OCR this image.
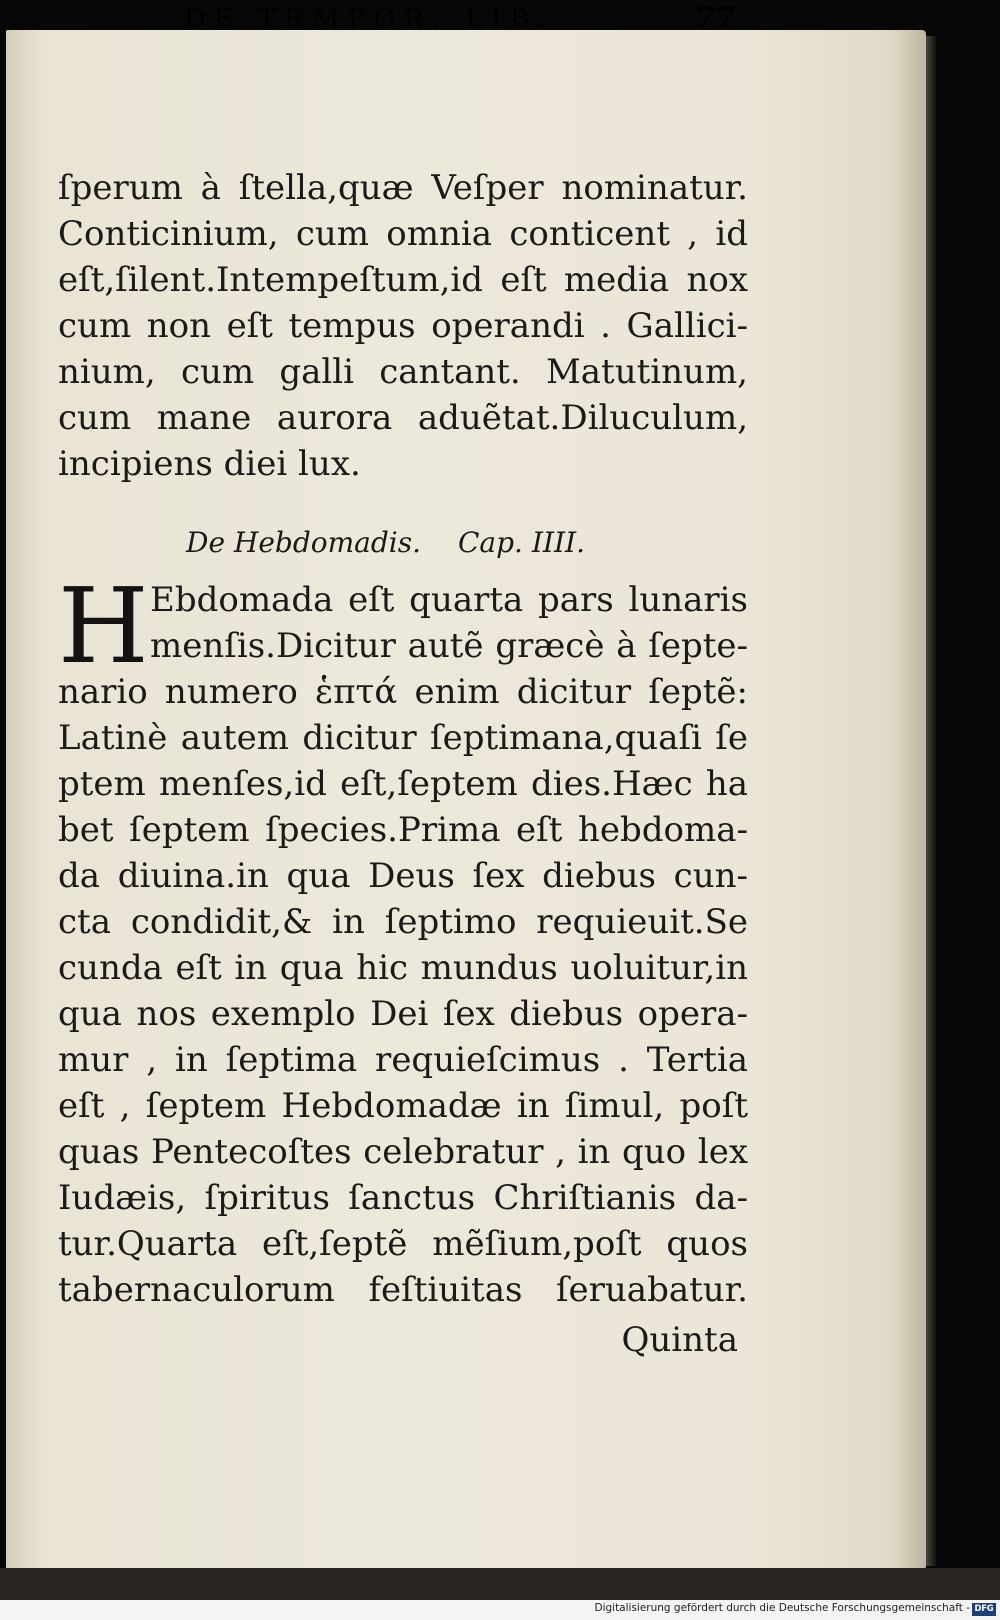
DE TEMPOR. LIB.	77
ſperum à ſtella,quæ Veſper nominatur.
Conticinium, cum omnia conticent , id
eſt,ſilent.Intempeſtum,id eſt media nox
cum non eſt tempus operandi . Gallici-
nium, cum galli cantant. Matutinum,
cum mane aurora aduẽtat.Diluculum,
incipiens diei lux.
De Hebdomadis. Cap. IIII.
H Ebdomada eſt quarta pars lunaris
menſis.Dicitur autẽ græcè à ſepte-
nario numero ἑπτά enim dicitur ſeptẽ:
Latinè autem dicitur ſeptimana,quaſi ſe
ptem menſes,id eſt,ſeptem dies.Hæc ha
bet ſeptem ſpecies.Prima eſt hebdoma-
da diuina.in qua Deus ſex diebus cun-
cta condidit,& in ſeptimo requieuit.Se
cunda eſt in qua hic mundus uoluitur,in
qua nos exemplo Dei ſex diebus opera-
mur , in ſeptima requieſcimus . Tertia
eſt , ſeptem Hebdomadæ in ſimul, poſt
quas Pentecoſtes celebratur , in quo lex
Iudæis, ſpiritus ſanctus Chriſtianis da-
tur.Quarta eſt,ſeptẽ mẽſium,poſt quos
tabernaculorum feſtiuitas ſeruabatur.
Quinta
Digitalisierung gefördert durch die Deutsche Forschungsgemeinschaft - DFG
